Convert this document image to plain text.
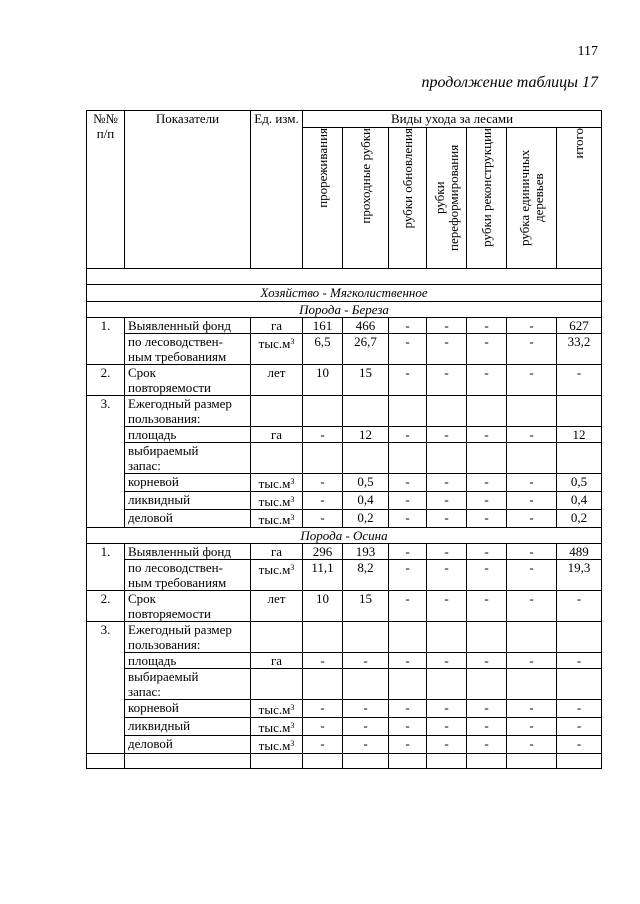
117
продолжение таблицы 17
№№ п/п	Показатели	Ед. изм.	Виды ухода за лесами						

			прореживания	проходные рубки	рубки обновления	рубки переформирования	рубки реконструкции	рубка единичных деревьев	итого

Хозяйство - Мягколиственное									
Порода - Береза									
1.	Выявленный фонд	га	161	466	-	-	-	-	627

	по лесоводствен-
ным требованиям	$тыс.м^3$	6,5	26,7	-	-	-	-	33,2
2.	Срок
повторяемости	лет	10	15	-	-	-	-	-
3.	Ежегодный размер
пользования:								

	площадь	га	-	12	-	-	-	-	12

	выбираемый
запас:								

	корневой	$тыс.м^3$	-	0,5	-	-	-	-	0,5
	ликвидный	$тыс.м^3$	-	0,4	-	-	-	-	0,4
	деловой	$тыс.м^3$	-	0,2	-	-	-	-	0,2
Порода - Осина									
1.	Выявленный фонд	га	296	193	-	-	-	-	489

	по лесоводствен-
ным требованиям	$тыс.м^3$	11,1	8,2	-	-	-	-	19,3
2.	Срок
повторяемости	лет	10	15	-	-	-	-	-
3.	Ежегодный размер
пользования:								

	площадь	га	-	-	-	-	-	-	-

	выбираемый
запас:								

	корневой	$тыс.м^3$	-	-	-	-	-	-	-
	ликвидный	$тыс.м^3$	-	-	-	-	-	-	-
	деловой	$тыс.м^3$	-	-	-	-	-	-	-
